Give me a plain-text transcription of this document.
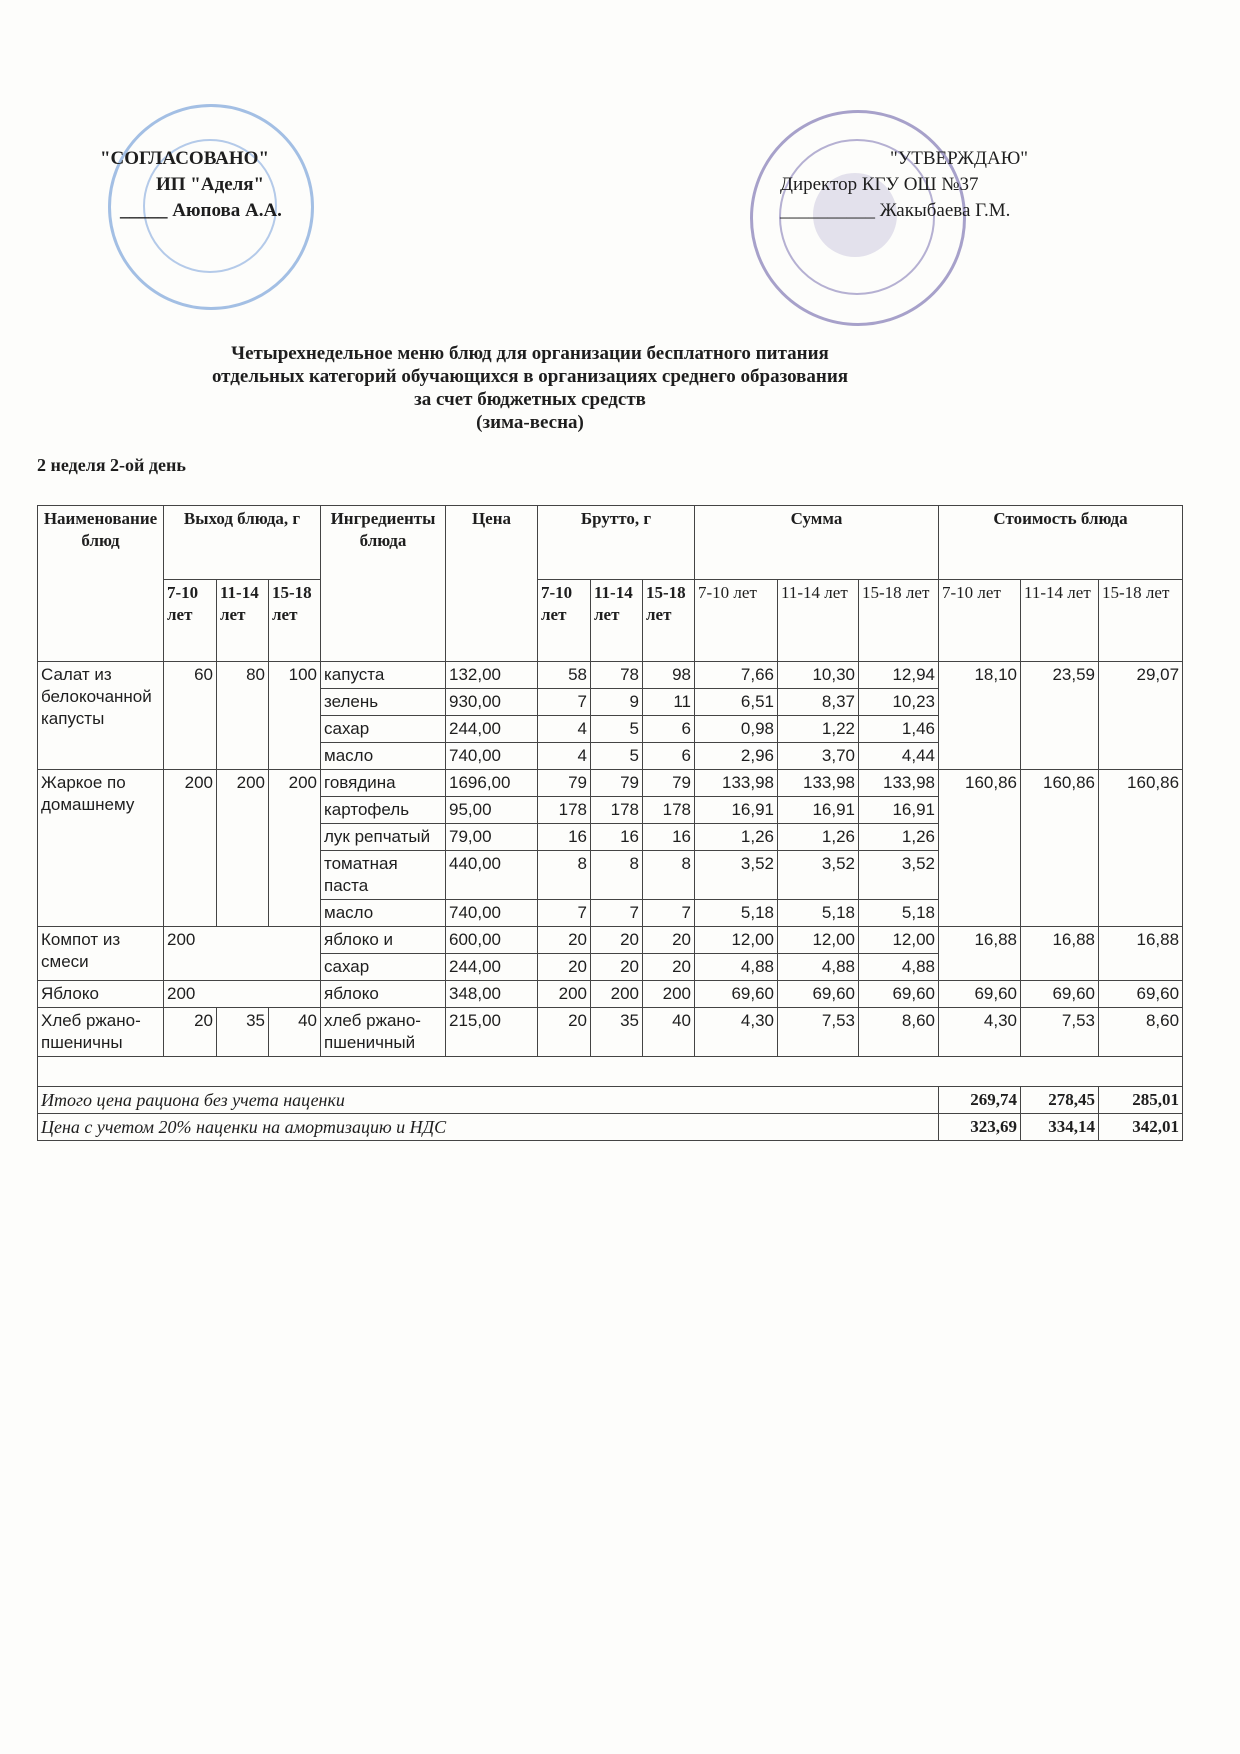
"СОГЛАСОВАНО"
ИП "Аделя"
_____ Аюпова А.А.
"УТВЕРЖДАЮ"
Директор КГУ ОШ №37
__________ Жакыбаева Г.М.
Четырехнедельное меню блюд для организации бесплатного питания
отдельных категорий обучающихся в организациях среднего образования
за счет бюджетных средств
(зима-весна)
2 неделя 2-ой день
Наименование блюд	Выход блюда, г			Ингредиенты блюда	Цена	Брутто, г			Сумма			Стоимость блюда		
	7-10 лет	11-14 лет	15-18 лет			7-10 лет	11-14 лет	15-18 лет	7-10 лет	11-14 лет	15-18 лет	7-10 лет	11-14 лет	15-18 лет
Салат из белокочанной капусты	60	80	100	капуста	132,00	58	78	98	7,66	10,30	12,94	18,10	23,59	29,07
				зелень	930,00	7	9	11	6,51	8,37	10,23			
				сахар	244,00	4	5	6	0,98	1,22	1,46			
				масло	740,00	4	5	6	2,96	3,70	4,44			
Жаркое по домашнему	200	200	200	говядина	1696,00	79	79	79	133,98	133,98	133,98	160,86	160,86	160,86
				картофель	95,00	178	178	178	16,91	16,91	16,91			
				лук репчатый	79,00	16	16	16	1,26	1,26	1,26			
				томатная паста	440,00	8	8	8	3,52	3,52	3,52			
				масло	740,00	7	7	7	5,18	5,18	5,18			
Компот из смеси	200			яблоко и	600,00	20	20	20	12,00	12,00	12,00	16,88	16,88	16,88
				сахар	244,00	20	20	20	4,88	4,88	4,88			
Яблоко	200			яблоко	348,00	200	200	200	69,60	69,60	69,60	69,60	69,60	69,60
Хлеб ржано-пшеничны	20	35	40	хлеб ржано-пшеничный	215,00	20	35	40	4,30	7,53	8,60	4,30	7,53	8,60

Итого цена рациона без учета наценки												269,74	278,45	285,01
Цена с учетом 20% наценки на амортизацию и НДС												323,69	334,14	342,01
